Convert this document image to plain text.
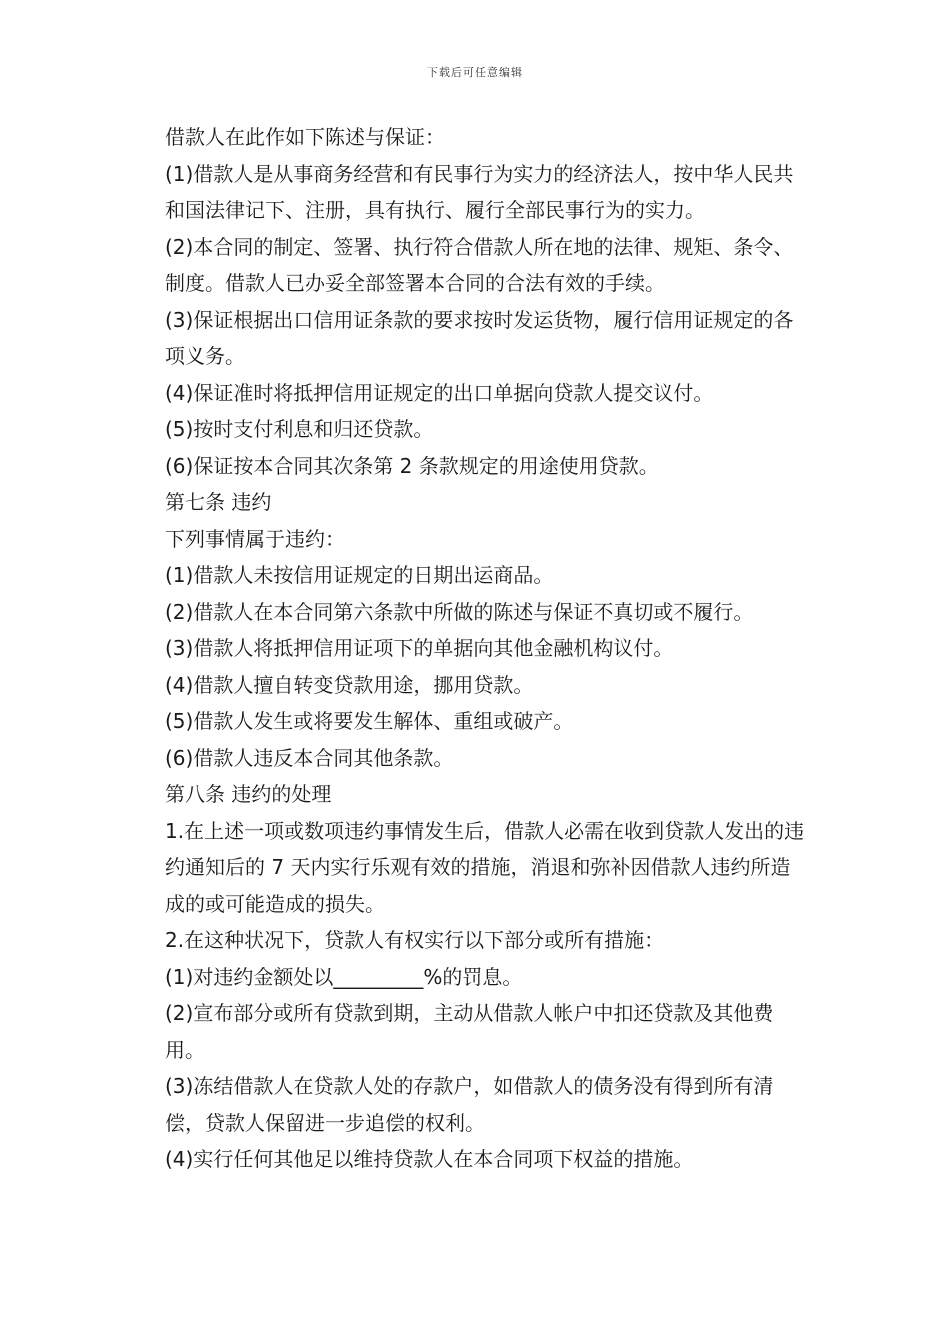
下载后可任意编辑

借款人在此作如下陈述与保证：

(1)借款人是从事商务经营和有民事行为实力的经济法人，按中华人民共和国法律记下、注册，具有执行、履行全部民事行为的实力。

(2)本合同的制定、签署、执行符合借款人所在地的法律、规矩、条令、制度。借款人已办妥全部签署本合同的合法有效的手续。

(3)保证根据出口信用证条款的要求按时发运货物，履行信用证规定的各项义务。

(4)保证准时将抵押信用证规定的出口单据向贷款人提交议付。

(5)按时支付利息和归还贷款。

(6)保证按本合同其次条第 2 条款规定的用途使用贷款。

第七条 违约

下列事情属于违约：

(1)借款人未按信用证规定的日期出运商品。

(2)借款人在本合同第六条款中所做的陈述与保证不真切或不履行。

(3)借款人将抵押信用证项下的单据向其他金融机构议付。

(4)借款人擅自转变贷款用途，挪用贷款。

(5)借款人发生或将要发生解体、重组或破产。

(6)借款人违反本合同其他条款。

第八条 违约的处理

1.在上述一项或数项违约事情发生后，借款人必需在收到贷款人发出的违约通知后的 7 天内实行乐观有效的措施，消退和弥补因借款人违约所造成的或可能造成的损失。

2.在这种状况下，贷款人有权实行以下部分或所有措施：

(1)对违约金额处以_________%的罚息。

(2)宣布部分或所有贷款到期，主动从借款人帐户中扣还贷款及其他费用。

(3)冻结借款人在贷款人处的存款户，如借款人的债务没有得到所有清偿，贷款人保留进一步追偿的权利。

(4)实行任何其他足以维持贷款人在本合同项下权益的措施。
